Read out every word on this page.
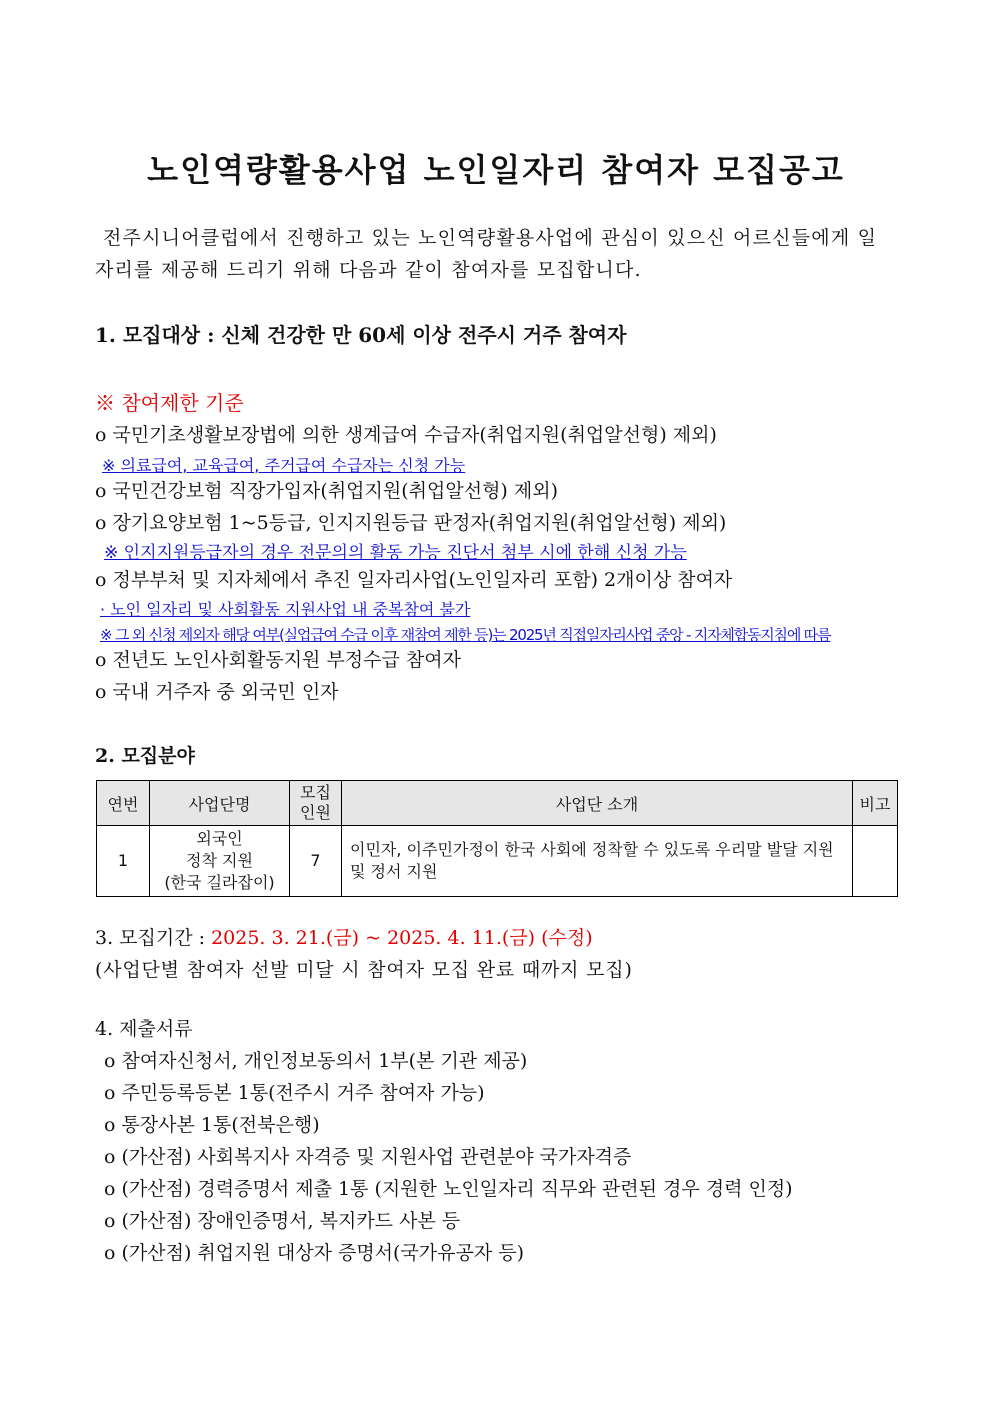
노인역량활용사업 노인일자리 참여자 모집공고
전주시니어클럽에서 진행하고 있는 노인역량활용사업에 관심이 있으신 어르신들에게 일
자리를 제공해 드리기 위해 다음과 같이 참여자를 모집합니다.
1. 모집대상 : 신체 건강한 만 60세 이상 전주시 거주 참여자
※ 참여제한 기준
o 국민기초생활보장법에 의한 생계급여 수급자(취업지원(취업알선형) 제외)
※ 의료급여, 교육급여, 주거급여 수급자는 신청 가능
o 국민건강보험 직장가입자(취업지원(취업알선형) 제외)
o 장기요양보험 1~5등급, 인지지원등급 판정자(취업지원(취업알선형) 제외)
※ 인지지원등급자의 경우 전문의의 활동 가능 진단서 첨부 시에 한해 신청 가능
o 정부부처 및 지자체에서 추진 일자리사업(노인일자리 포함) 2개이상 참여자
· 노인 일자리 및 사회활동 지원사업 내 중복참여 불가
※ 그 외 신청 제외자 해당 여부(실업급여 수급 이후 재참여 제한 등)는 2025년 직접일자리사업 중앙 - 지자체합동지침에 따름
o 전년도 노인사회활동지원 부정수급 참여자
o 국내 거주자 중 외국민 인자
2. 모집분야
연번	사업단명	모집 인원	사업단 소개	비고
1	외국인
정착 지원
(한국 길라잡이)	7	이민자, 이주민가정이 한국 사회에 정착할 수 있도록 우리말 발달 지원 및 정서 지원	
3. 모집기간 : 2025. 3. 21.(금) ~ 2025. 4. 11.(금) (수정)
(사업단별 참여자 선발 미달 시 참여자 모집 완료 때까지 모집)
4. 제출서류
o 참여자신청서, 개인정보동의서 1부(본 기관 제공)
o 주민등록등본 1통(전주시 거주 참여자 가능)
o 통장사본 1통(전북은행)
o (가산점) 사회복지사 자격증 및 지원사업 관련분야 국가자격증
o (가산점) 경력증명서 제출 1통 (지원한 노인일자리 직무와 관련된 경우 경력 인정)
o (가산점) 장애인증명서, 복지카드 사본 등
o (가산점) 취업지원 대상자 증명서(국가유공자 등)
